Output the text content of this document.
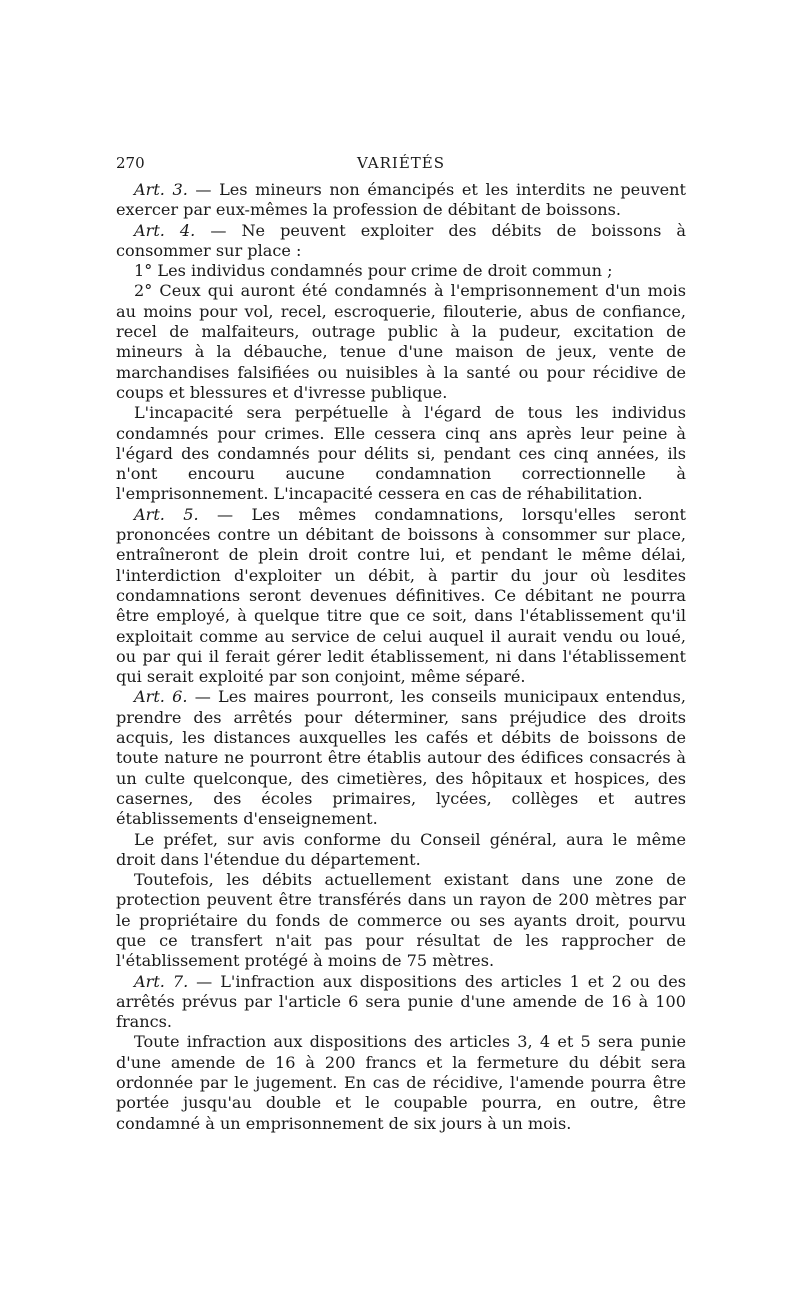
270	VARIÉTÉS

Art. 3. — Les mineurs non émancipés et les interdits ne peuvent exercer par eux-mêmes la profession de débitant de boissons.

Art. 4. — Ne peuvent exploiter des débits de boissons à consommer sur place :

1° Les individus condamnés pour crime de droit commun ;

2° Ceux qui auront été condamnés à l'emprisonnement d'un mois au moins pour vol, recel, escroquerie, filouterie, abus de confiance, recel de malfaiteurs, outrage public à la pudeur, excitation de mineurs à la débauche, tenue d'une maison de jeux, vente de marchandises falsifiées ou nuisibles à la santé ou pour récidive de coups et blessures et d'ivresse publique.

L'incapacité sera perpétuelle à l'égard de tous les individus condamnés pour crimes. Elle cessera cinq ans après leur peine à l'égard des condamnés pour délits si, pendant ces cinq années, ils n'ont encouru aucune condamnation correctionnelle à l'emprisonnement. L'incapacité cessera en cas de réhabilitation.

Art. 5. — Les mêmes condamnations, lorsqu'elles seront prononcées contre un débitant de boissons à consommer sur place, entraîneront de plein droit contre lui, et pendant le même délai, l'interdiction d'exploiter un débit, à partir du jour où lesdites condamnations seront devenues définitives. Ce débitant ne pourra être employé, à quelque titre que ce soit, dans l'établissement qu'il exploitait comme au service de celui auquel il aurait vendu ou loué, ou par qui il ferait gérer ledit établissement, ni dans l'établissement qui serait exploité par son conjoint, même séparé.

Art. 6. — Les maires pourront, les conseils municipaux entendus, prendre des arrêtés pour déterminer, sans préjudice des droits acquis, les distances auxquelles les cafés et débits de boissons de toute nature ne pourront être établis autour des édifices consacrés à un culte quelconque, des cimetières, des hôpitaux et hospices, des casernes, des écoles primaires, lycées, collèges et autres établissements d'enseignement.

Le préfet, sur avis conforme du Conseil général, aura le même droit dans l'étendue du département.

Toutefois, les débits actuellement existant dans une zone de protection peuvent être transférés dans un rayon de 200 mètres par le propriétaire du fonds de commerce ou ses ayants droit, pourvu que ce transfert n'ait pas pour résultat de les rapprocher de l'établissement protégé à moins de 75 mètres.

Art. 7. — L'infraction aux dispositions des articles 1 et 2 ou des arrêtés prévus par l'article 6 sera punie d'une amende de 16 à 100 francs.

Toute infraction aux dispositions des articles 3, 4 et 5 sera punie d'une amende de 16 à 200 francs et la fermeture du débit sera ordonnée par le jugement. En cas de récidive, l'amende pourra être portée jusqu'au double et le coupable pourra, en outre, être condamné à un emprisonnement de six jours à un mois.
